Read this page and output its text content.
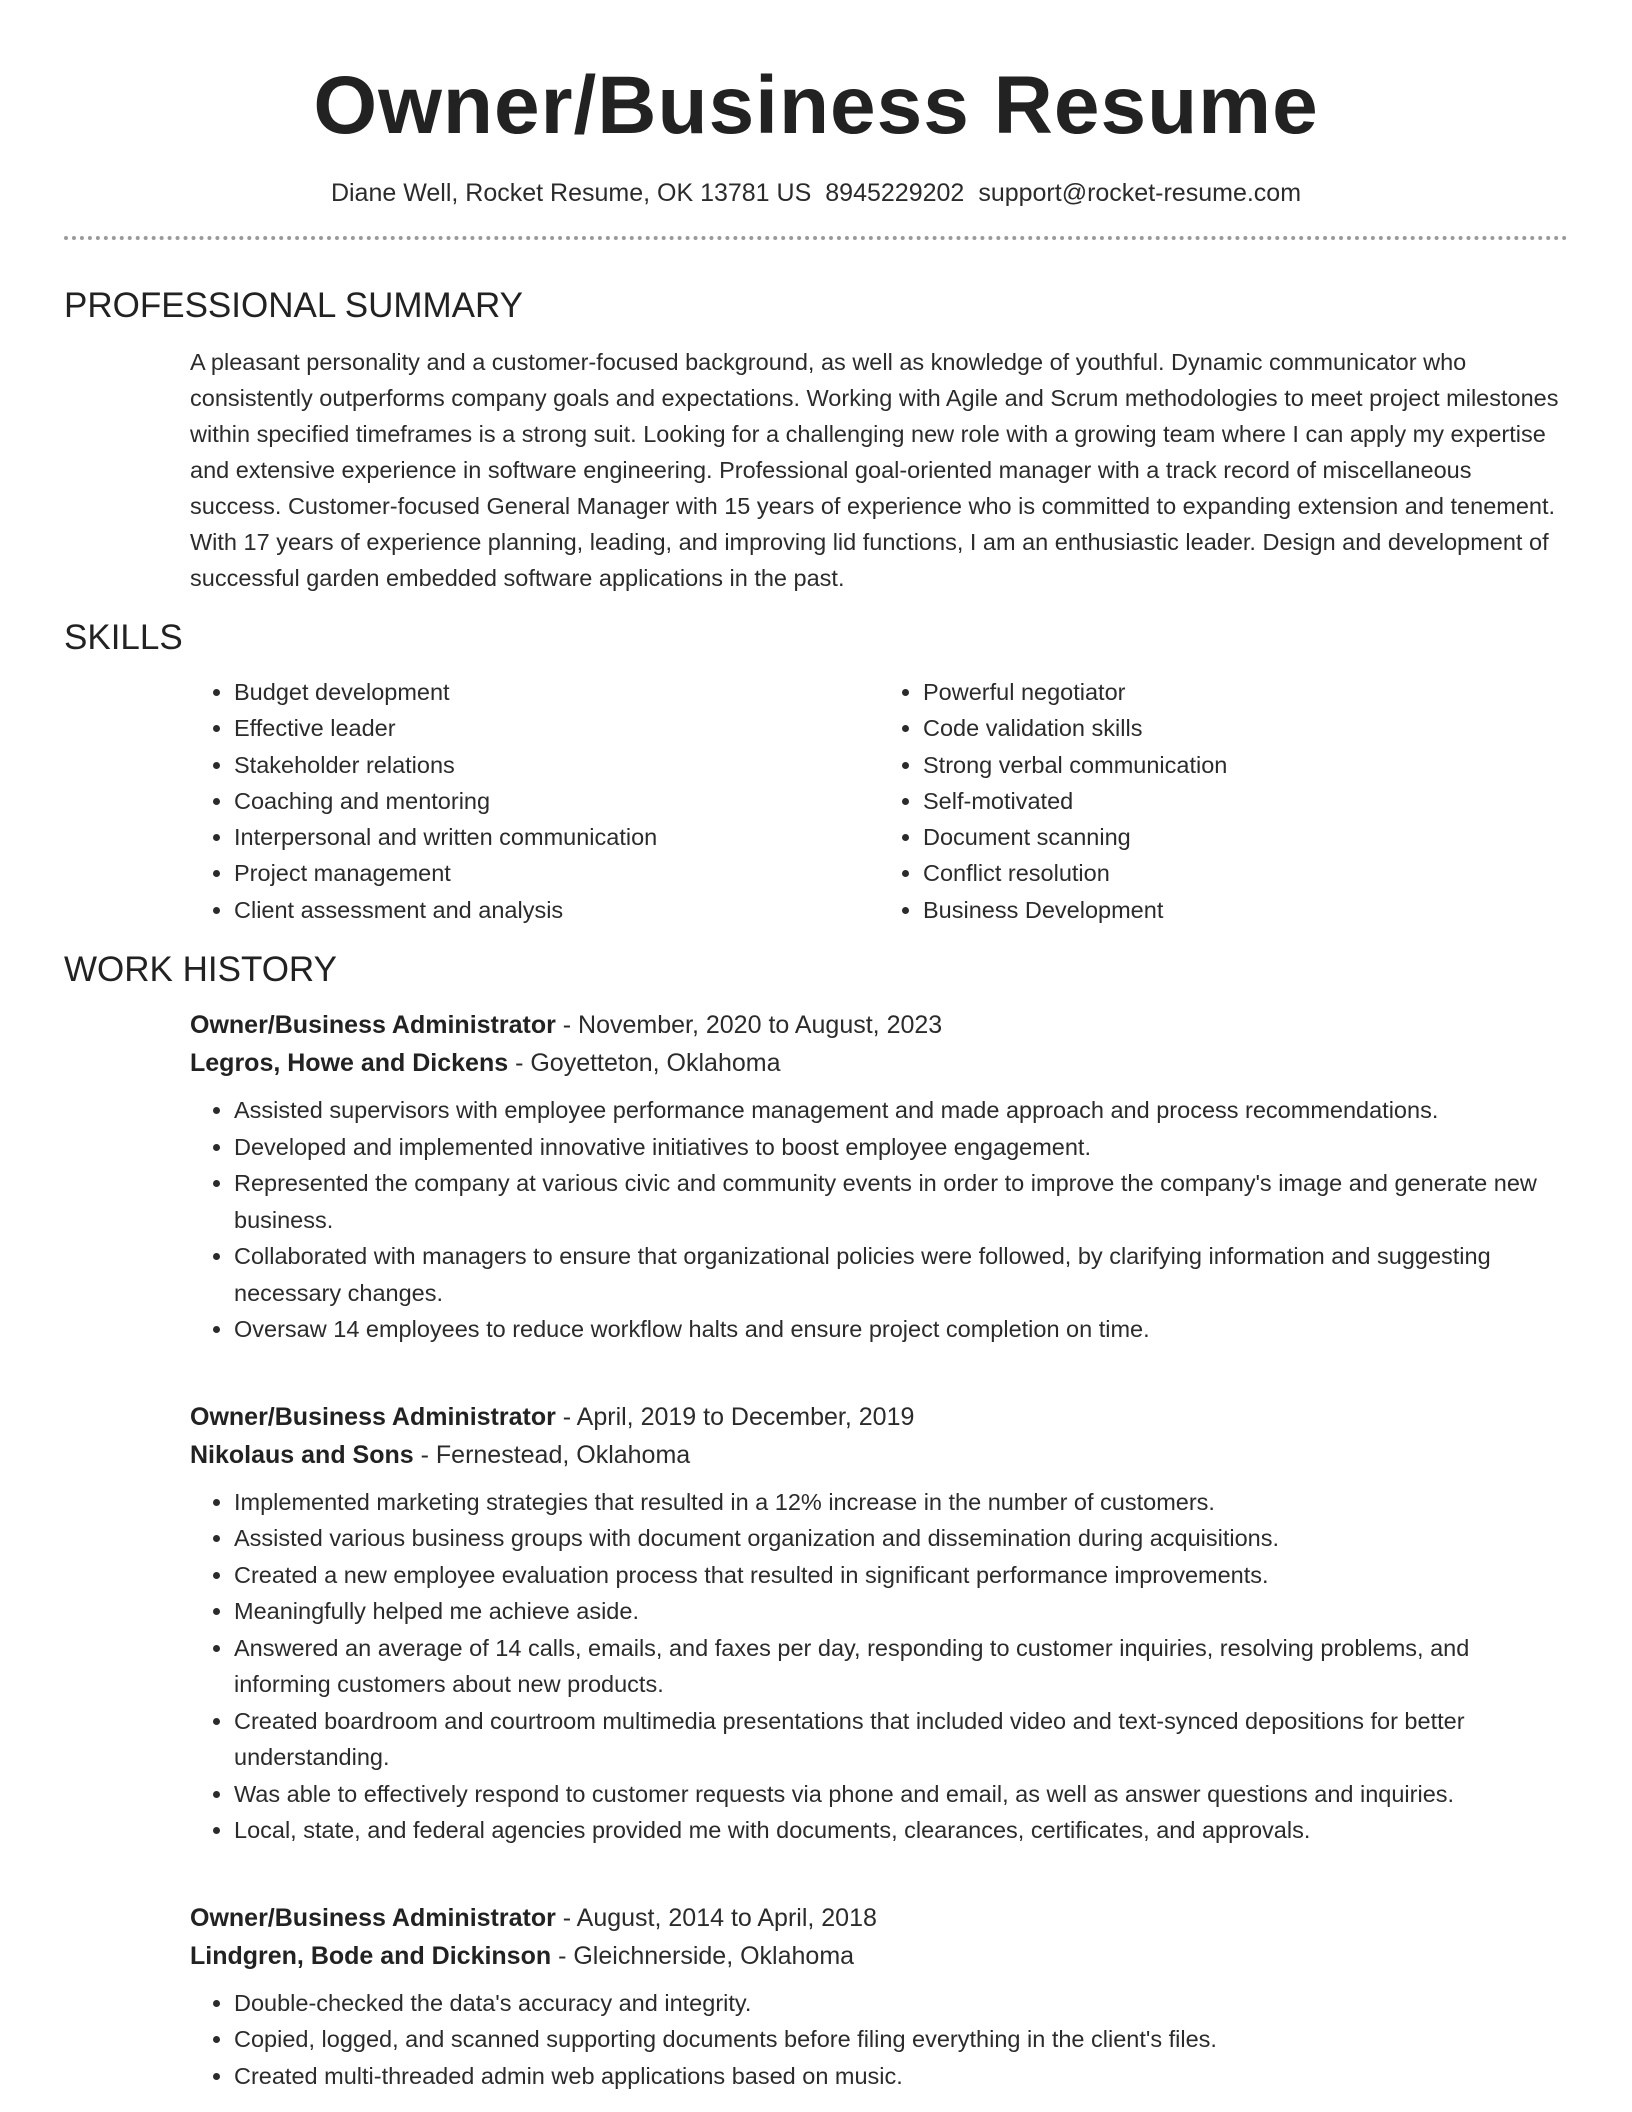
Owner/Business Resume
Diane Well, Rocket Resume, OK 13781 US 8945229202 support@rocket-resume.com
PROFESSIONAL SUMMARY

A pleasant personality and a customer-focused background, as well as knowledge of youthful. Dynamic communicator who consistently outperforms company goals and expectations. Working with Agile and Scrum methodologies to meet project milestones within specified timeframes is a strong suit. Looking for a challenging new role with a growing team where I can apply my expertise and extensive experience in software engineering. Professional goal-oriented manager with a track record of miscellaneous success. Customer-focused General Manager with 15 years of experience who is committed to expanding extension and tenement. With 17 years of experience planning, leading, and improving lid functions, I am an enthusiastic leader. Design and development of successful garden embedded software applications in the past.

SKILLS
• Budget development
• Effective leader
• Stakeholder relations
• Coaching and mentoring
• Interpersonal and written communication
• Project management
• Client assessment and analysis
• Powerful negotiator
• Code validation skills
• Strong verbal communication
• Self-motivated
• Document scanning
• Conflict resolution
• Business Development
WORK HISTORY

Owner/Business Administrator - November, 2020 to August, 2023

Legros, Howe and Dickens - Goyetteton, Oklahoma

• Assisted supervisors with employee performance management and made approach and process recommendations.
• Developed and implemented innovative initiatives to boost employee engagement.
• Represented the company at various civic and community events in order to improve the company's image and generate new business.
• Collaborated with managers to ensure that organizational policies were followed, by clarifying information and suggesting necessary changes.
• Oversaw 14 employees to reduce workflow halts and ensure project completion on time.

Owner/Business Administrator - April, 2019 to December, 2019

Nikolaus and Sons - Fernestead, Oklahoma

• Implemented marketing strategies that resulted in a 12% increase in the number of customers.
• Assisted various business groups with document organization and dissemination during acquisitions.
• Created a new employee evaluation process that resulted in significant performance improvements.
• Meaningfully helped me achieve aside.
• Answered an average of 14 calls, emails, and faxes per day, responding to customer inquiries, resolving problems, and informing customers about new products.
• Created boardroom and courtroom multimedia presentations that included video and text-synced depositions for better understanding.
• Was able to effectively respond to customer requests via phone and email, as well as answer questions and inquiries.
• Local, state, and federal agencies provided me with documents, clearances, certificates, and approvals.

Owner/Business Administrator - August, 2014 to April, 2018

Lindgren, Bode and Dickinson - Gleichnerside, Oklahoma

• Double-checked the data's accuracy and integrity.
• Copied, logged, and scanned supporting documents before filing everything in the client's files.
• Created multi-threaded admin web applications based on music.
